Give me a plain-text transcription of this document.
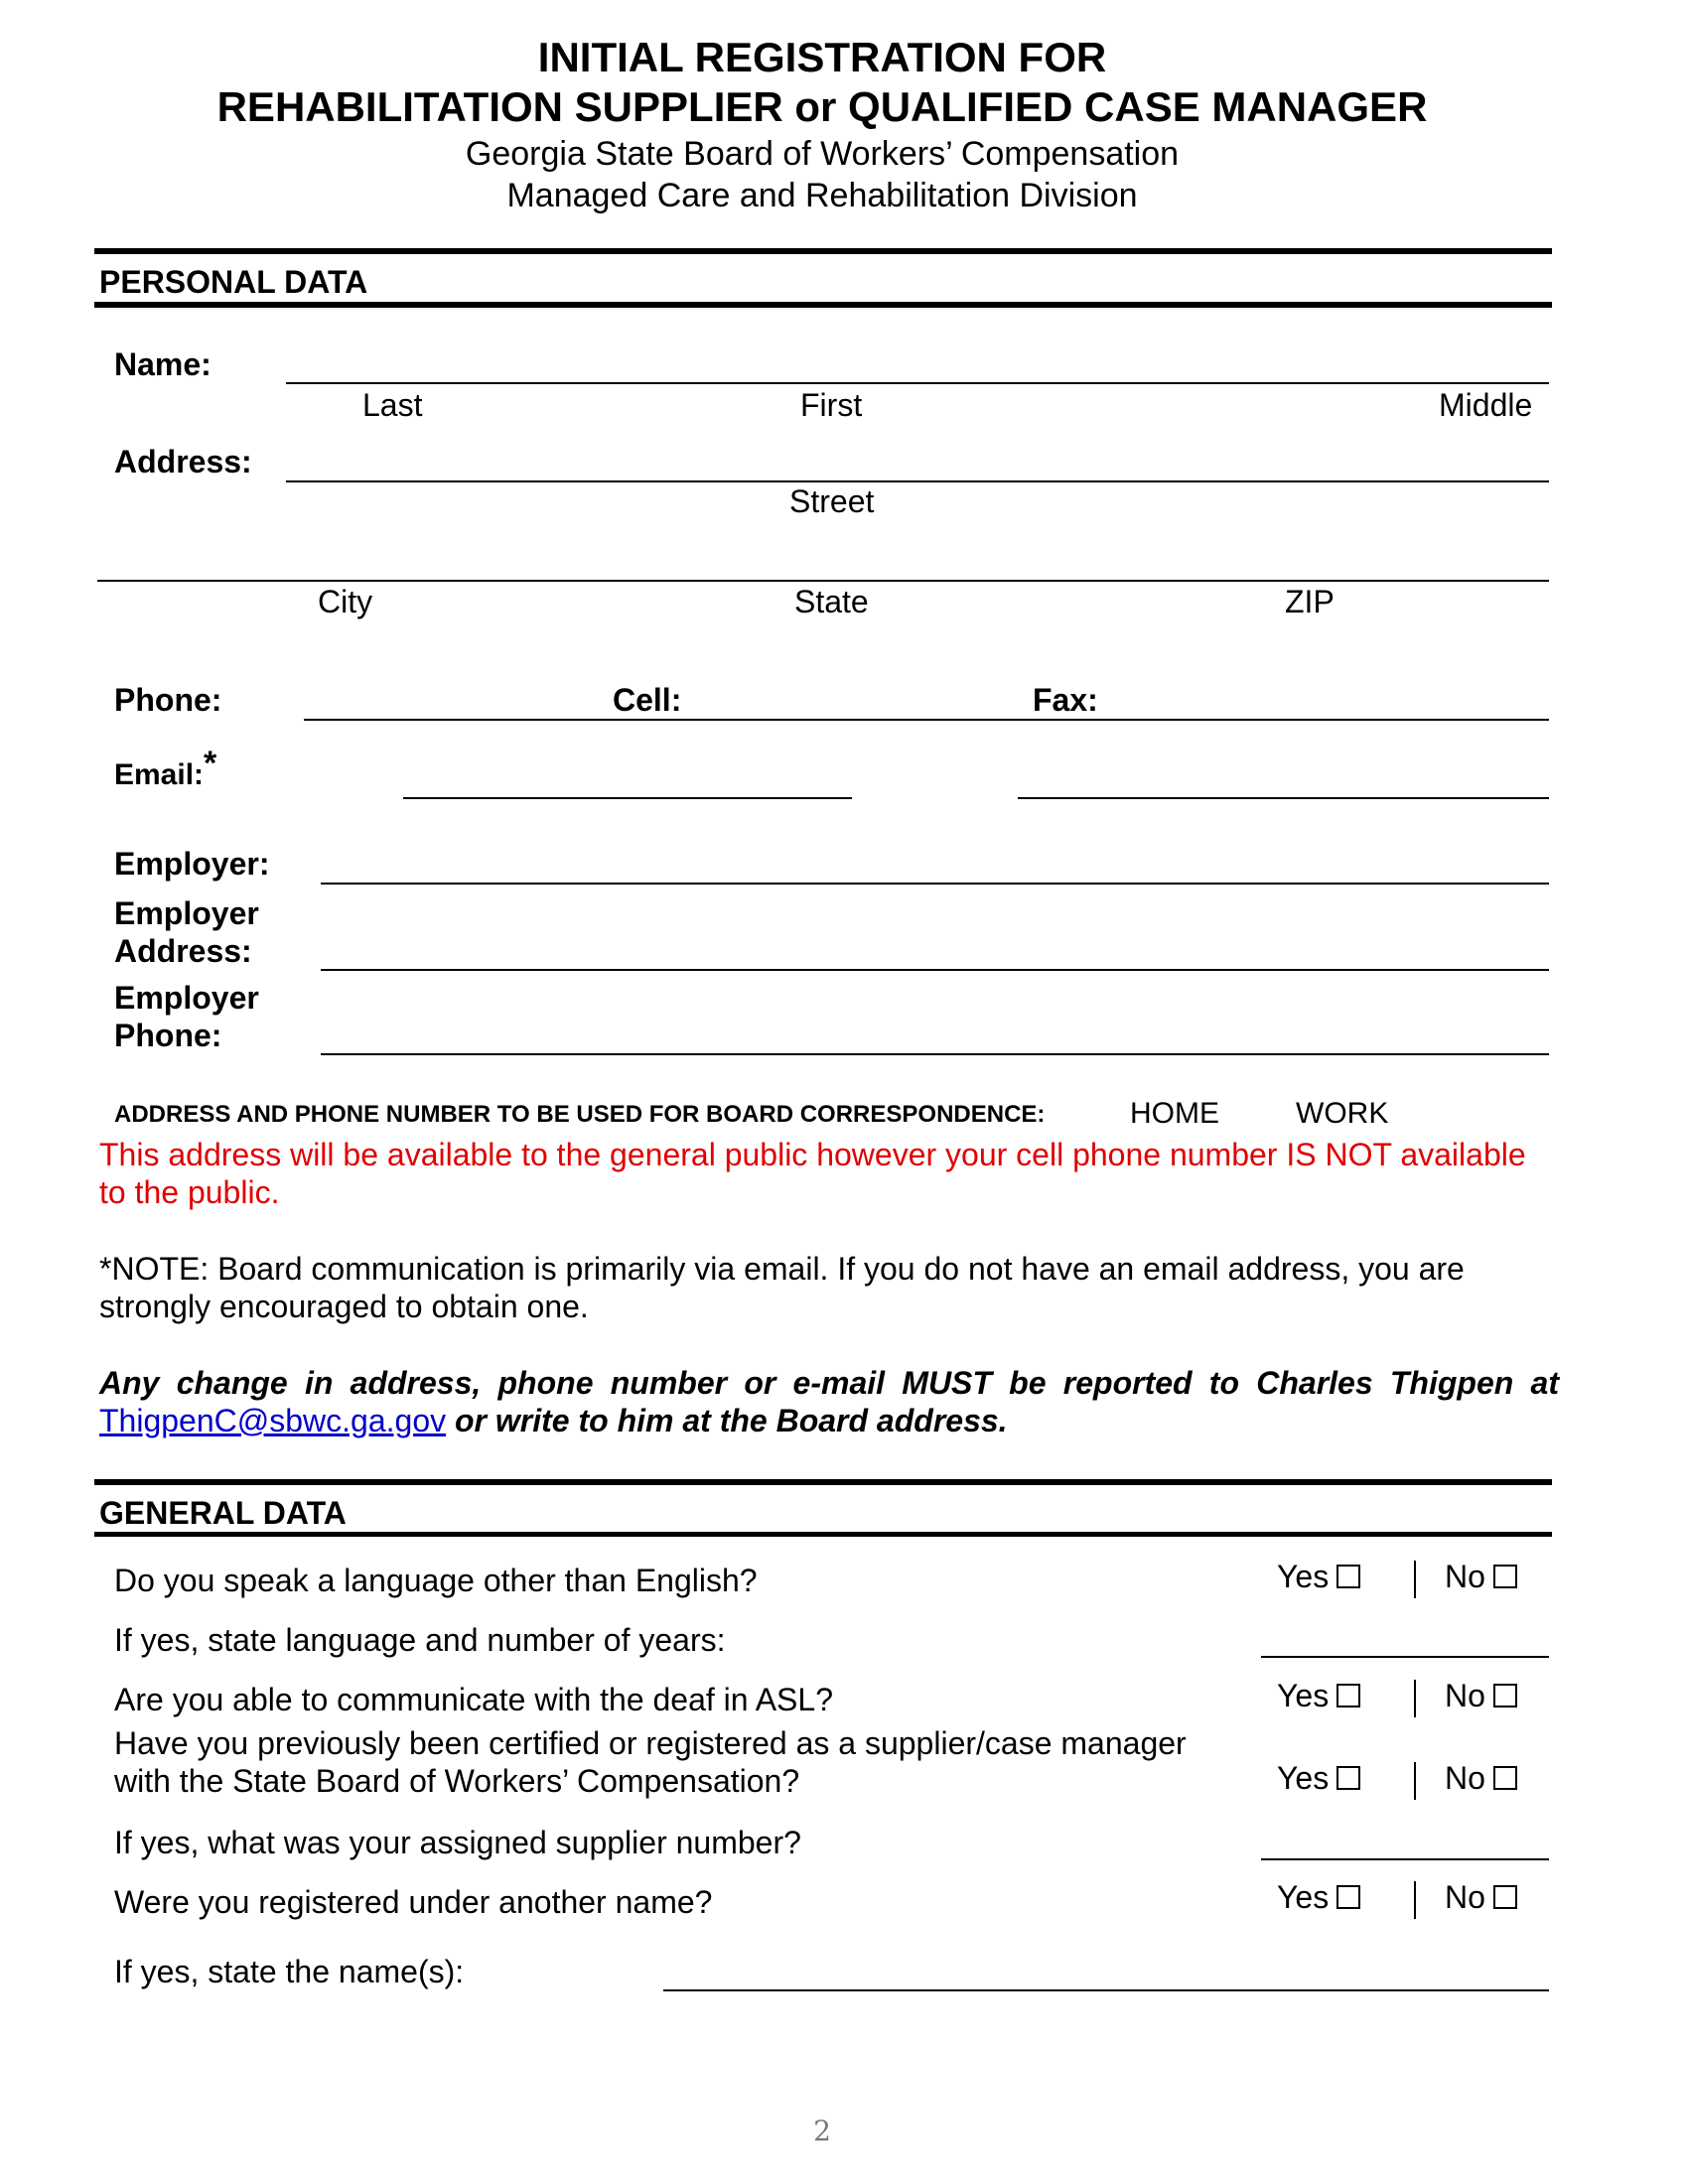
INITIAL REGISTRATION FOR
REHABILITATION SUPPLIER or QUALIFIED CASE MANAGER
Georgia State Board of Workers’ Compensation
Managed Care and Rehabilitation Division
PERSONAL DATA
Name:
Last	First	Middle
Address:
Street
City	State	ZIP
Phone:	Cell:	Fax:
Email:*
Employer:
Employer
Address:
Employer
Phone:
ADDRESS AND PHONE NUMBER TO BE USED FOR BOARD CORRESPONDENCE:	HOME	WORK
This address will be available to the general public however your cell phone number IS NOT available to the public.
*NOTE: Board communication is primarily via email. If you do not have an email address, you are strongly encouraged to obtain one.
Any change in address, phone number or e-mail MUST be reported to Charles Thigpen at ThigpenC@sbwc.ga.gov or write to him at the Board address.
GENERAL DATA
Do you speak a language other than English?	Yes	No
If yes, state language and number of years:
Are you able to communicate with the deaf in ASL?	Yes	No
Have you previously been certified or registered as a supplier/case manager
with the State Board of Workers’ Compensation?	Yes	No
If yes, what was your assigned supplier number?
Were you registered under another name?	Yes	No
If yes, state the name(s):
2
